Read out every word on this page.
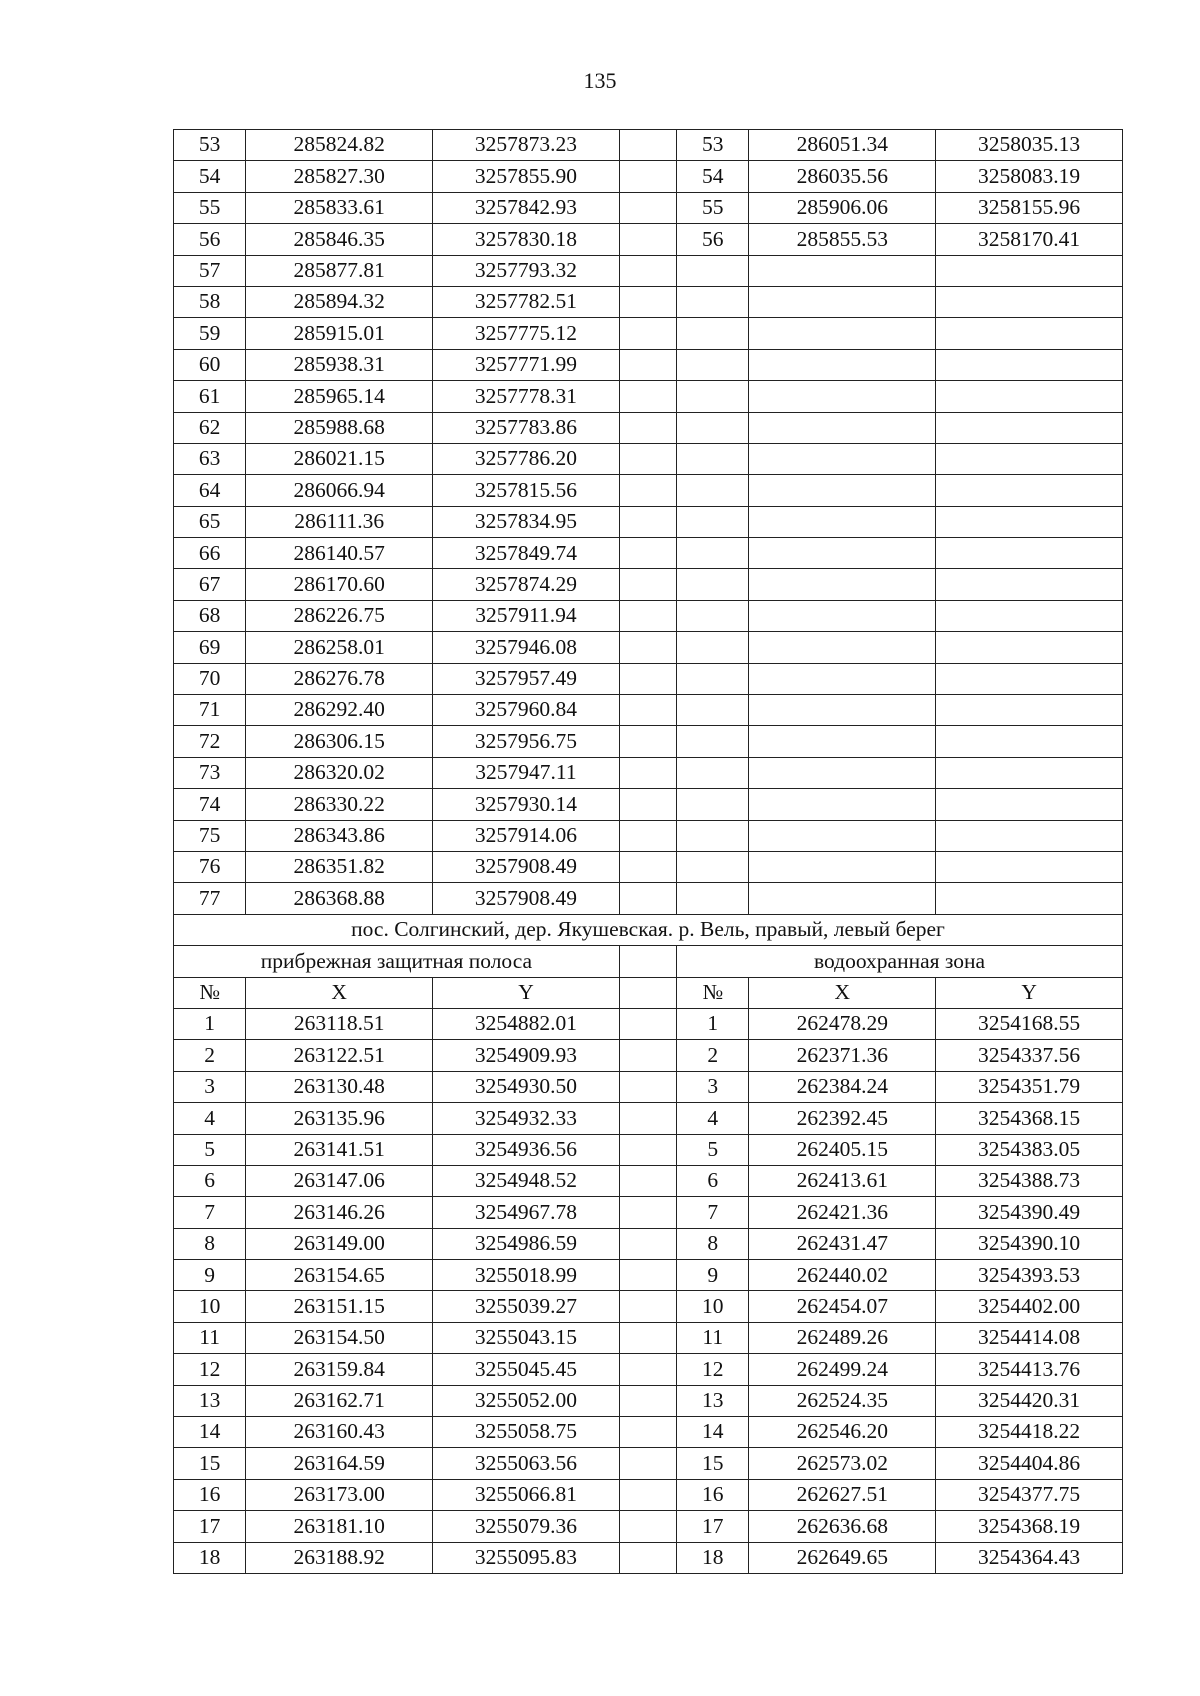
135
53	285824.82	3257873.23		53	286051.34	3258035.13
54	285827.30	3257855.90		54	286035.56	3258083.19
55	285833.61	3257842.93		55	285906.06	3258155.96
56	285846.35	3257830.18		56	285855.53	3258170.41
57	285877.81	3257793.32				
58	285894.32	3257782.51				
59	285915.01	3257775.12				
60	285938.31	3257771.99				
61	285965.14	3257778.31				
62	285988.68	3257783.86				
63	286021.15	3257786.20				
64	286066.94	3257815.56				
65	286111.36	3257834.95				
66	286140.57	3257849.74				
67	286170.60	3257874.29				
68	286226.75	3257911.94				
69	286258.01	3257946.08				
70	286276.78	3257957.49				
71	286292.40	3257960.84				
72	286306.15	3257956.75				
73	286320.02	3257947.11				
74	286330.22	3257930.14				
75	286343.86	3257914.06				
76	286351.82	3257908.49				
77	286368.88	3257908.49				
пос. Солгинский, дер. Якушевская. р. Вель, правый, левый берег						
прибрежная защитная полоса				водоохранная зона		
№	X	Y		№	X	Y
1	263118.51	3254882.01		1	262478.29	3254168.55
2	263122.51	3254909.93		2	262371.36	3254337.56
3	263130.48	3254930.50		3	262384.24	3254351.79
4	263135.96	3254932.33		4	262392.45	3254368.15
5	263141.51	3254936.56		5	262405.15	3254383.05
6	263147.06	3254948.52		6	262413.61	3254388.73
7	263146.26	3254967.78		7	262421.36	3254390.49
8	263149.00	3254986.59		8	262431.47	3254390.10
9	263154.65	3255018.99		9	262440.02	3254393.53
10	263151.15	3255039.27		10	262454.07	3254402.00
11	263154.50	3255043.15		11	262489.26	3254414.08
12	263159.84	3255045.45		12	262499.24	3254413.76
13	263162.71	3255052.00		13	262524.35	3254420.31
14	263160.43	3255058.75		14	262546.20	3254418.22
15	263164.59	3255063.56		15	262573.02	3254404.86
16	263173.00	3255066.81		16	262627.51	3254377.75
17	263181.10	3255079.36		17	262636.68	3254368.19
18	263188.92	3255095.83		18	262649.65	3254364.43
